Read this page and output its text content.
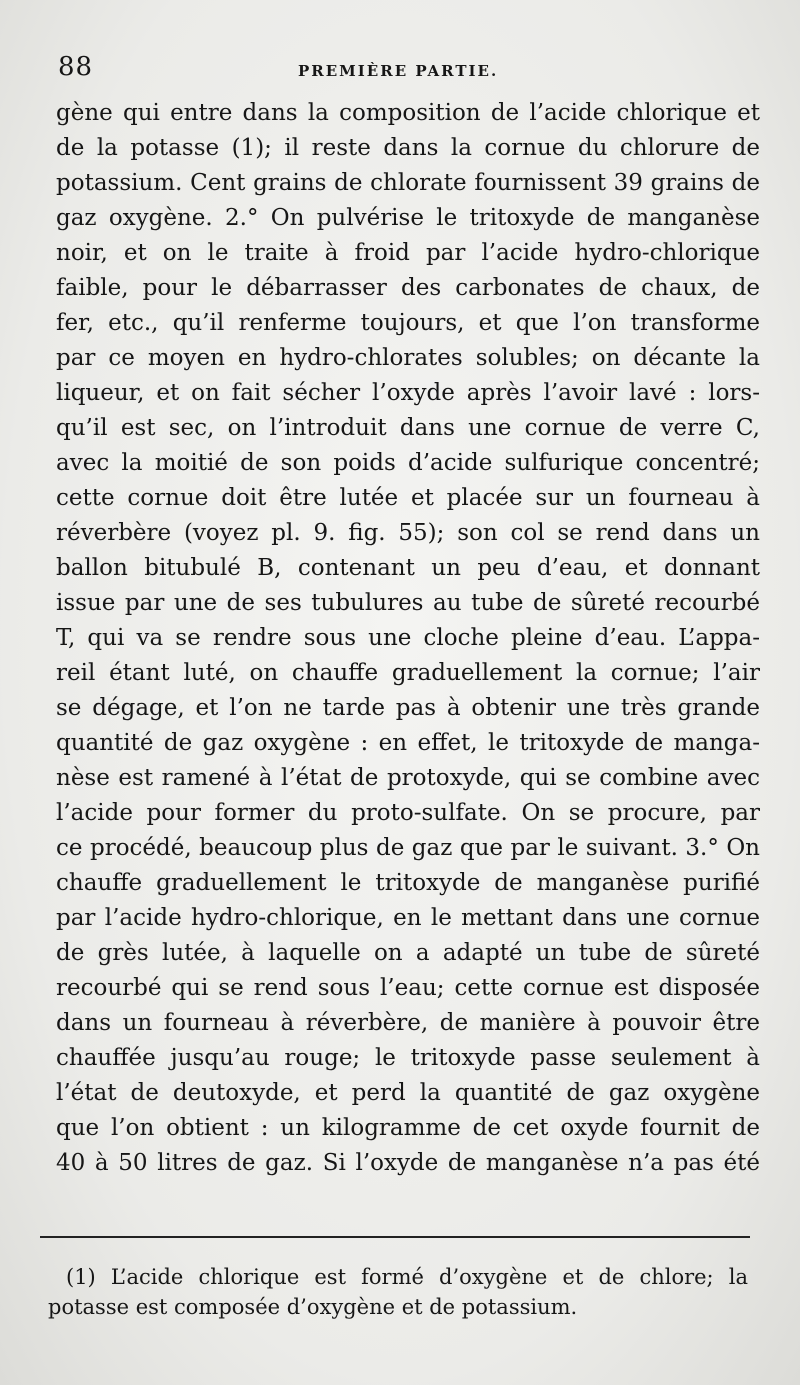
88	PREMIÈRE PARTIE.
gène qui entre dans la composition de l’acide chlorique et
de la potasse (1); il reste dans la cornue du chlorure de
potassium. Cent grains de chlorate fournissent 39 grains de
gaz oxygène. 2.° On pulvérise le tritoxyde de manganèse
noir, et on le traite à froid par l’acide hydro-chlorique
faible, pour le débarrasser des carbonates de chaux, de
fer, etc., qu’il renferme toujours, et que l’on transforme
par ce moyen en hydro-chlorates solubles; on décante la
liqueur, et on fait sécher l’oxyde après l’avoir lavé : lors-
qu’il est sec, on l’introduit dans une cornue de verre C,
avec la moitié de son poids d’acide sulfurique concentré;
cette cornue doit être lutée et placée sur un fourneau à
réverbère (voyez pl. 9. fig. 55); son col se rend dans un
ballon bitubulé B, contenant un peu d’eau, et donnant
issue par une de ses tubulures au tube de sûreté recourbé
T, qui va se rendre sous une cloche pleine d’eau. L’appa-
reil étant luté, on chauffe graduellement la cornue; l’air
se dégage, et l’on ne tarde pas à obtenir une très grande
quantité de gaz oxygène : en effet, le tritoxyde de manga-
nèse est ramené à l’état de protoxyde, qui se combine avec
l’acide pour former du proto-sulfate. On se procure, par
ce procédé, beaucoup plus de gaz que par le suivant. 3.° On
chauffe graduellement le tritoxyde de manganèse purifié
par l’acide hydro-chlorique, en le mettant dans une cornue
de grès lutée, à laquelle on a adapté un tube de sûreté
recourbé qui se rend sous l’eau; cette cornue est disposée
dans un fourneau à réverbère, de manière à pouvoir être
chauffée jusqu’au rouge; le tritoxyde passe seulement à
l’état de deutoxyde, et perd la quantité de gaz oxygène
que l’on obtient : un kilogramme de cet oxyde fournit de
40 à 50 litres de gaz. Si l’oxyde de manganèse n’a pas été
(1) L’acide chlorique est formé d’oxygène et de chlore; la
potasse est composée d’oxygène et de potassium.
